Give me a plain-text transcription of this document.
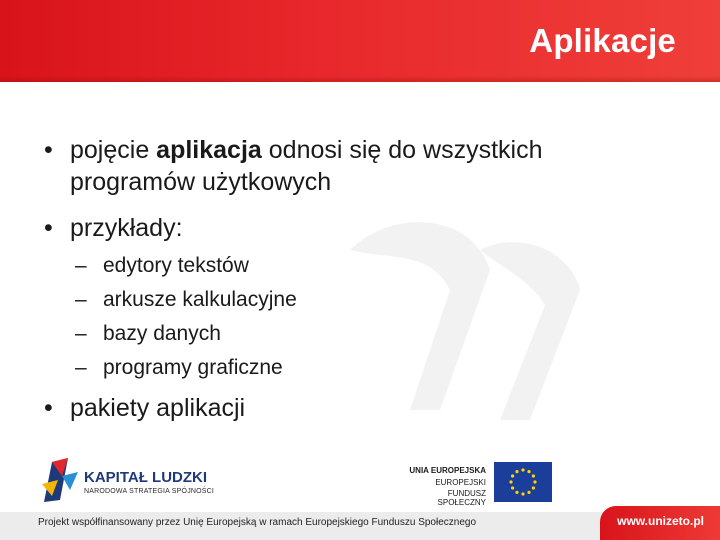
Aplikacje
• pojęcie aplikacja odnosi się do wszystkich
programów użytkowych
• przykłady:
– edytory tekstów
– arkusze kalkulacyjne
– bazy danych
– programy graficzne
• pakiety aplikacji
KAPITAŁ LUDZKI
NARODOWA STRATEGIA SPÓJNOŚCI
UNIA EUROPEJSKA
EUROPEJSKI
FUNDUSZ SPOŁECZNY
Projekt współfinansowany przez Unię Europejską w ramach Europejskiego Funduszu Społecznego	www.unizeto.pl
